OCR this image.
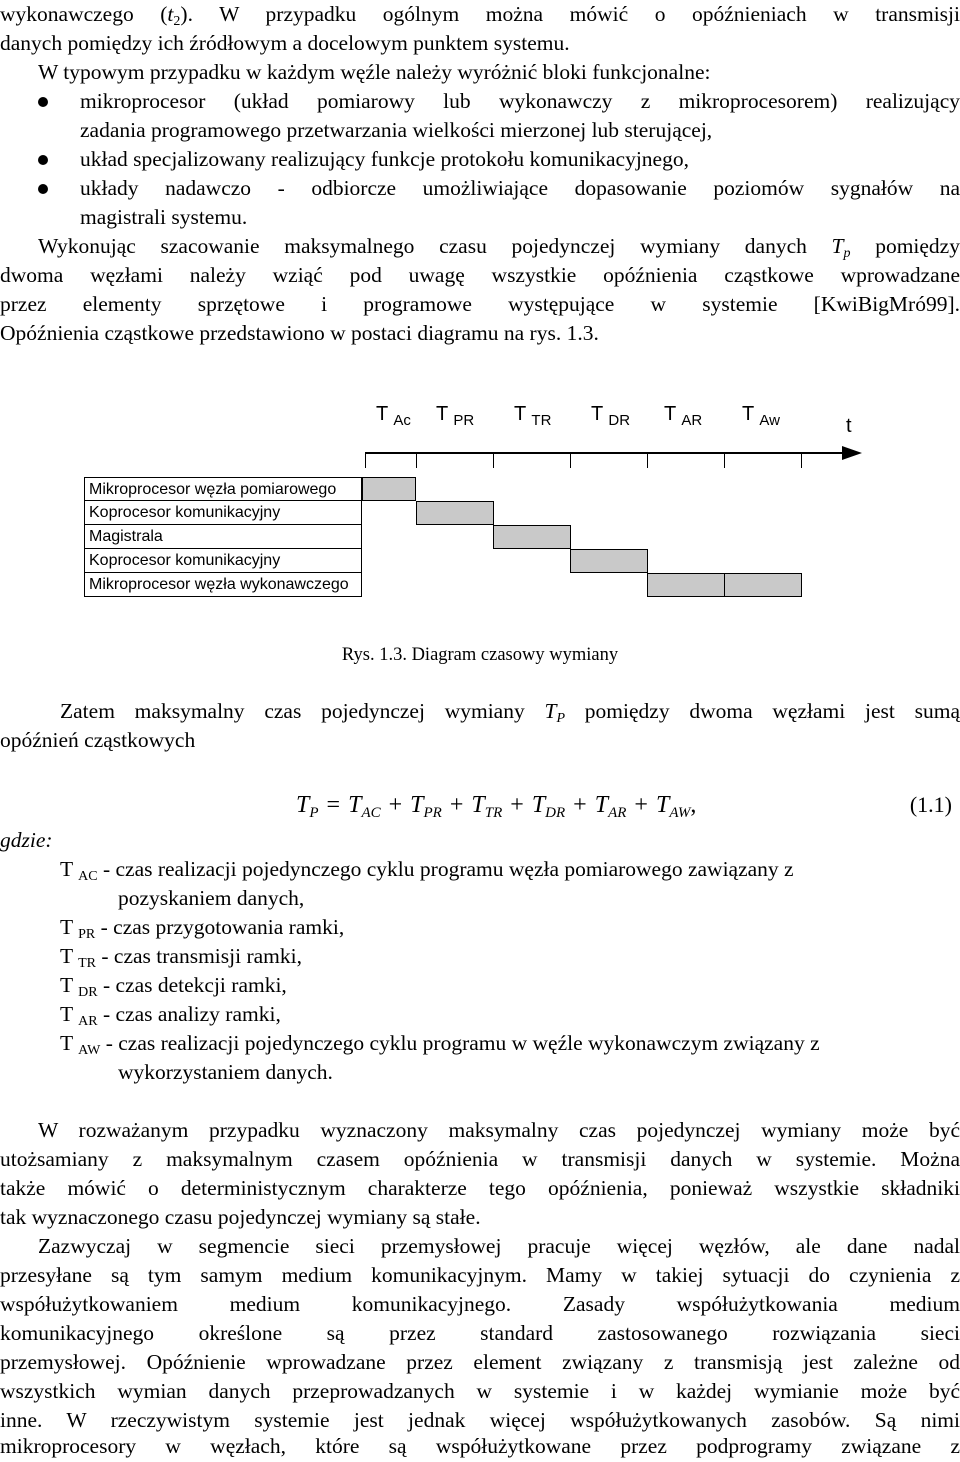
wykonawczego $(t_2)$. W przypadku ogólnym można mówić o opóźnieniach w transmisji
danych pomiędzy ich źródłowym a docelowym punktem systemu.
W typowym przypadku w każdym węźle należy wyróżnić bloki funkcjonalne:
mikroprocesor (układ pomiarowy lub wykonawczy z mikroprocesorem) realizujący
zadania programowego przetwarzania wielkości mierzonej lub sterującej,
układ specjalizowany realizujący funkcje protokołu komunikacyjnego,
układy nadawczo - odbiorcze umożliwiające dopasowanie poziomów sygnałów na
magistrali systemu.
Wykonując szacowanie maksymalnego czasu pojedynczej wymiany danych $T_p$ pomiędzy
dwoma węzłami należy wziąć pod uwagę wszystkie opóźnienia cząstkowe wprowadzane
przez elementy sprzętowe i programowe występujące w systemie [KwiBigMró99].
Opóźnienia cząstkowe przedstawiono w postaci diagramu na rys. 1.3.
T $_{Ac}$ T $_{PR}$ T $_{TR}$ T $_{DR}$ T $_{AR}$ T $_{Aw}$	t
Mikroprocesor węzła pomiarowego
Koprocesor komunikacyjny
Magistrala
Koprocesor komunikacyjny
Mikroprocesor węzła wykonawczego
Rys. 1.3. Diagram czasowy wymiany
Zatem maksymalny czas pojedynczej wymiany $T_P$ pomiędzy dwoma węzłami jest sumą
opóźnień cząstkowych
$T_P = T_{AC} + T_{PR} + T_{TR} + T_{DR} + T_{AR} + T_{AW}$,	(1.1)
gdzie:
T $_{AC}$ - czas realizacji pojedynczego cyklu programu węzła pomiarowego zawiązany z
pozyskaniem danych,
T $_{PR}$ - czas przygotowania ramki,
T $_{TR}$ - czas transmisji ramki,
T $_{DR}$ - czas detekcji ramki,
T $_{AR}$ - czas analizy ramki,
T $_{AW}$ - czas realizacji pojedynczego cyklu programu w węźle wykonawczym związany z
wykorzystaniem danych.
W rozważanym przypadku wyznaczony maksymalny czas pojedynczej wymiany może być
utożsamiany z maksymalnym czasem opóźnienia w transmisji danych w systemie. Można
także mówić o deterministycznym charakterze tego opóźnienia, ponieważ wszystkie składniki
tak wyznaczonego czasu pojedynczej wymiany są stałe.
Zazwyczaj w segmencie sieci przemysłowej pracuje więcej węzłów, ale dane nadal
przesyłane są tym samym medium komunikacyjnym. Mamy w takiej sytuacji do czynienia z
współużytkowaniem medium komunikacyjnego. Zasady współużytkowania medium
komunikacyjnego określone są przez standard zastosowanego rozwiązania sieci
przemysłowej. Opóźnienie wprowadzane przez element związany z transmisją jest zależne od
wszystkich wymian danych przeprowadzanych w systemie i w każdej wymianie może być
inne. W rzeczywistym systemie jest jednak więcej współużytkowanych zasobów. Są nimi
mikroprocesory w węzłach, które są współużytkowane przez podprogramy związane z
